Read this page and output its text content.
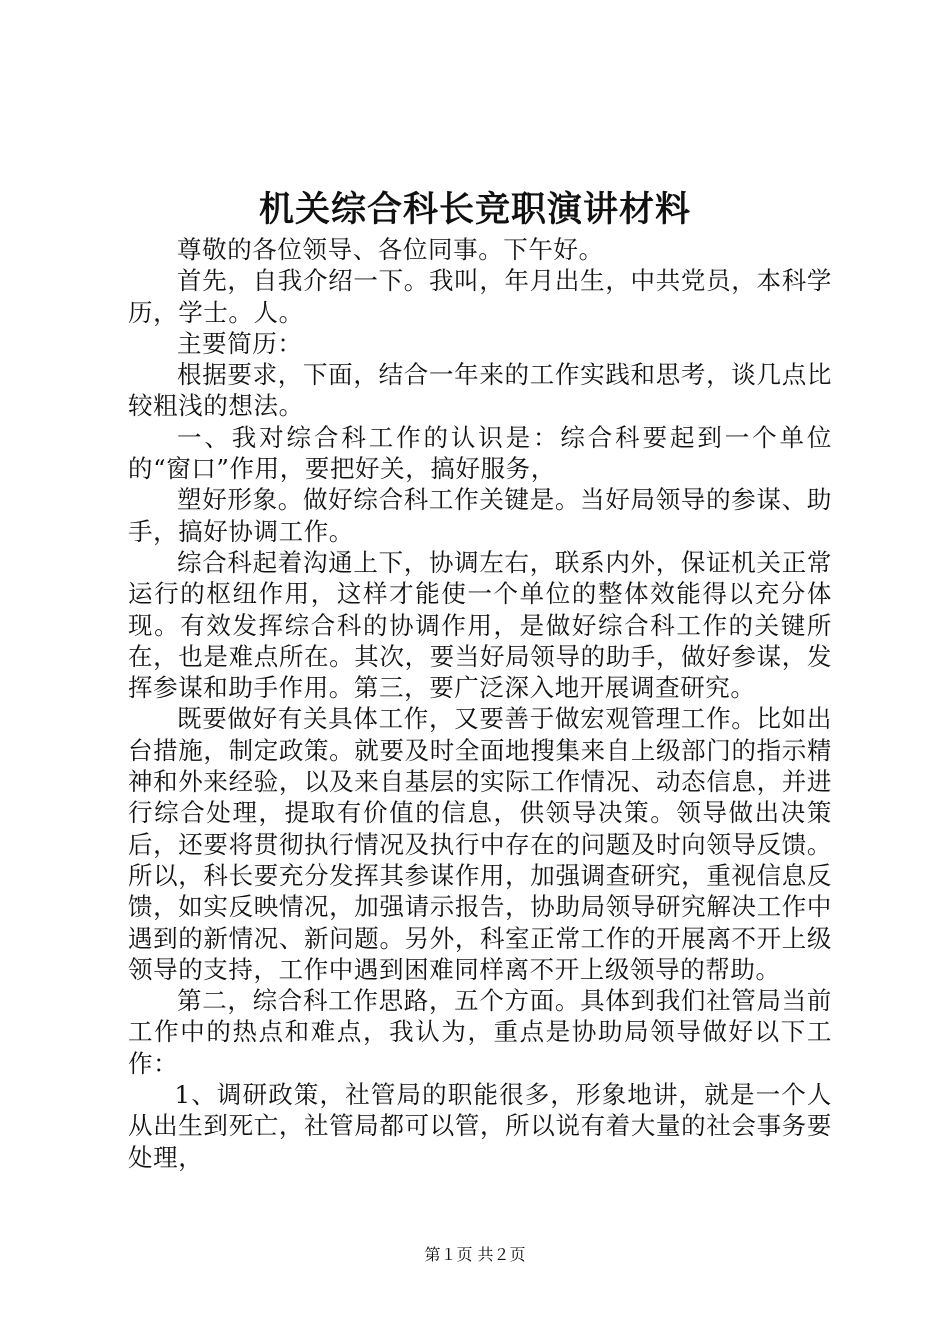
机关综合科长竞职演讲材料

尊敬的各位领导、各位同事。下午好。

首先，自我介绍一下。我叫，年月出生，中共党员，本科学历，学士。人。

主要简历：

根据要求，下面，结合一年来的工作实践和思考，谈几点比较粗浅的想法。

一、我对综合科工作的认识是：综合科要起到一个单位的“窗口”作用，要把好关，搞好服务，

塑好形象。做好综合科工作关键是。当好局领导的参谋、助手，搞好协调工作。

综合科起着沟通上下，协调左右，联系内外，保证机关正常运行的枢纽作用，这样才能使一个单位的整体效能得以充分体现。有效发挥综合科的协调作用，是做好综合科工作的关键所在，也是难点所在。其次，要当好局领导的助手，做好参谋，发挥参谋和助手作用。第三，要广泛深入地开展调查研究。

既要做好有关具体工作，又要善于做宏观管理工作。比如出台措施，制定政策。就要及时全面地搜集来自上级部门的指示精神和外来经验，以及来自基层的实际工作情况、动态信息，并进行综合处理，提取有价值的信息，供领导决策。领导做出决策后，还要将贯彻执行情况及执行中存在的问题及时向领导反馈。所以，科长要充分发挥其参谋作用，加强调查研究，重视信息反馈，如实反映情况，加强请示报告，协助局领导研究解决工作中遇到的新情况、新问题。另外，科室正常工作的开展离不开上级领导的支持，工作中遇到困难同样离不开上级领导的帮助。

第二，综合科工作思路，五个方面。具体到我们社管局当前工作中的热点和难点，我认为，重点是协助局领导做好以下工作：

1、调研政策，社管局的职能很多，形象地讲，就是一个人从出生到死亡，社管局都可以管，所以说有着大量的社会事务要处理，

第１页 共２页
